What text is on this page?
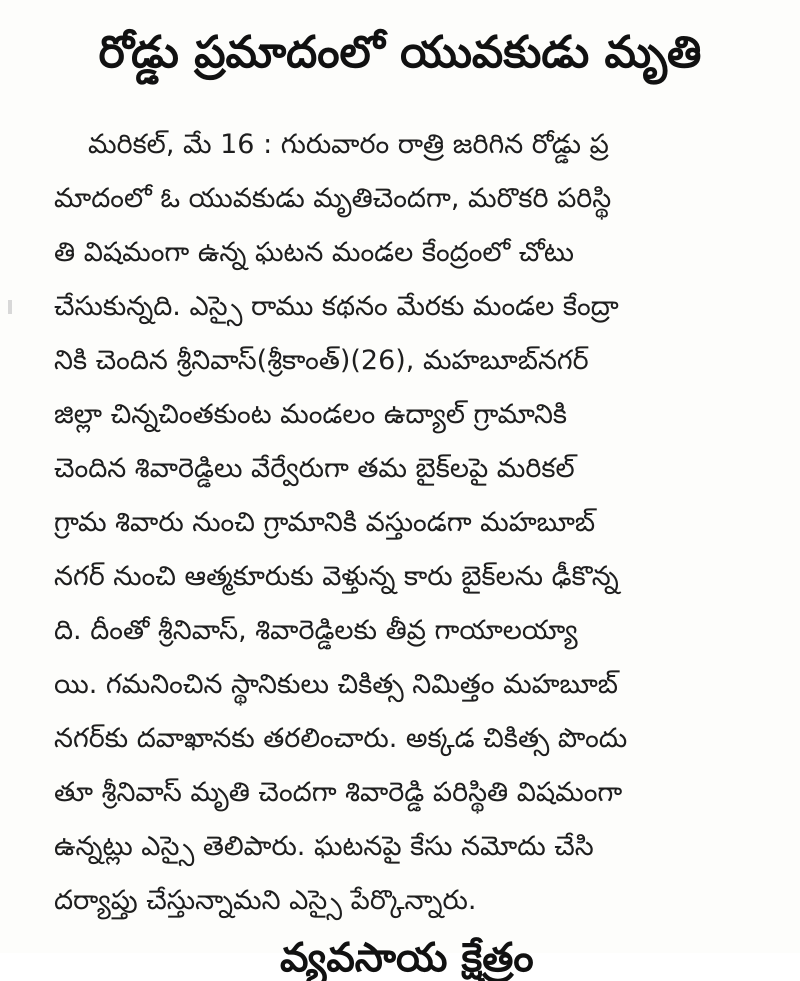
రోడ్డు ప్రమాదంలో యువకుడు మృతి
మరికల్, మే 16 : గురువారం రాత్రి జరిగిన రోడ్డు ప్ర
మాదంలో ఓ యువకుడు మృతిచెందగా, మరొకరి పరిస్థి
తి విషమంగా ఉన్న ఘటన మండల కేంద్రంలో చోటు
చేసుకున్నది. ఎస్సై రాము కథనం మేరకు మండల కేంద్రా
నికి చెందిన శ్రీనివాస్(శ్రీకాంత్)(26), మహబూబ్‌నగర్
జిల్లా చిన్నచింతకుంట మండలం ఉద్యాల్ గ్రామానికి
చెందిన శివారెడ్డిలు వేర్వేరుగా తమ బైక్‌లపై మరికల్
గ్రామ శివారు నుంచి గ్రామానికి వస్తుండగా మహబూబ్
నగర్ నుంచి ఆత్మకూరుకు వెళ్తున్న కారు బైక్‌లను ఢీకొన్న
ది. దీంతో శ్రీనివాస్, శివారెడ్డిలకు తీవ్ర గాయాలయ్యా
యి. గమనించిన స్థానికులు చికిత్స నిమిత్తం మహబూబ్
నగర్‌కు దవాఖానకు తరలించారు. అక్కడ చికిత్స పొందు
తూ శ్రీనివాస్ మృతి చెందగా శివారెడ్డి పరిస్థితి విషమంగా
ఉన్నట్లు ఎస్సై తెలిపారు. ఘటనపై కేసు నమోదు చేసి
దర్యాప్తు చేస్తున్నామని ఎస్సై పేర్కొన్నారు.
వ్యవసాయ క్షేత్రం
